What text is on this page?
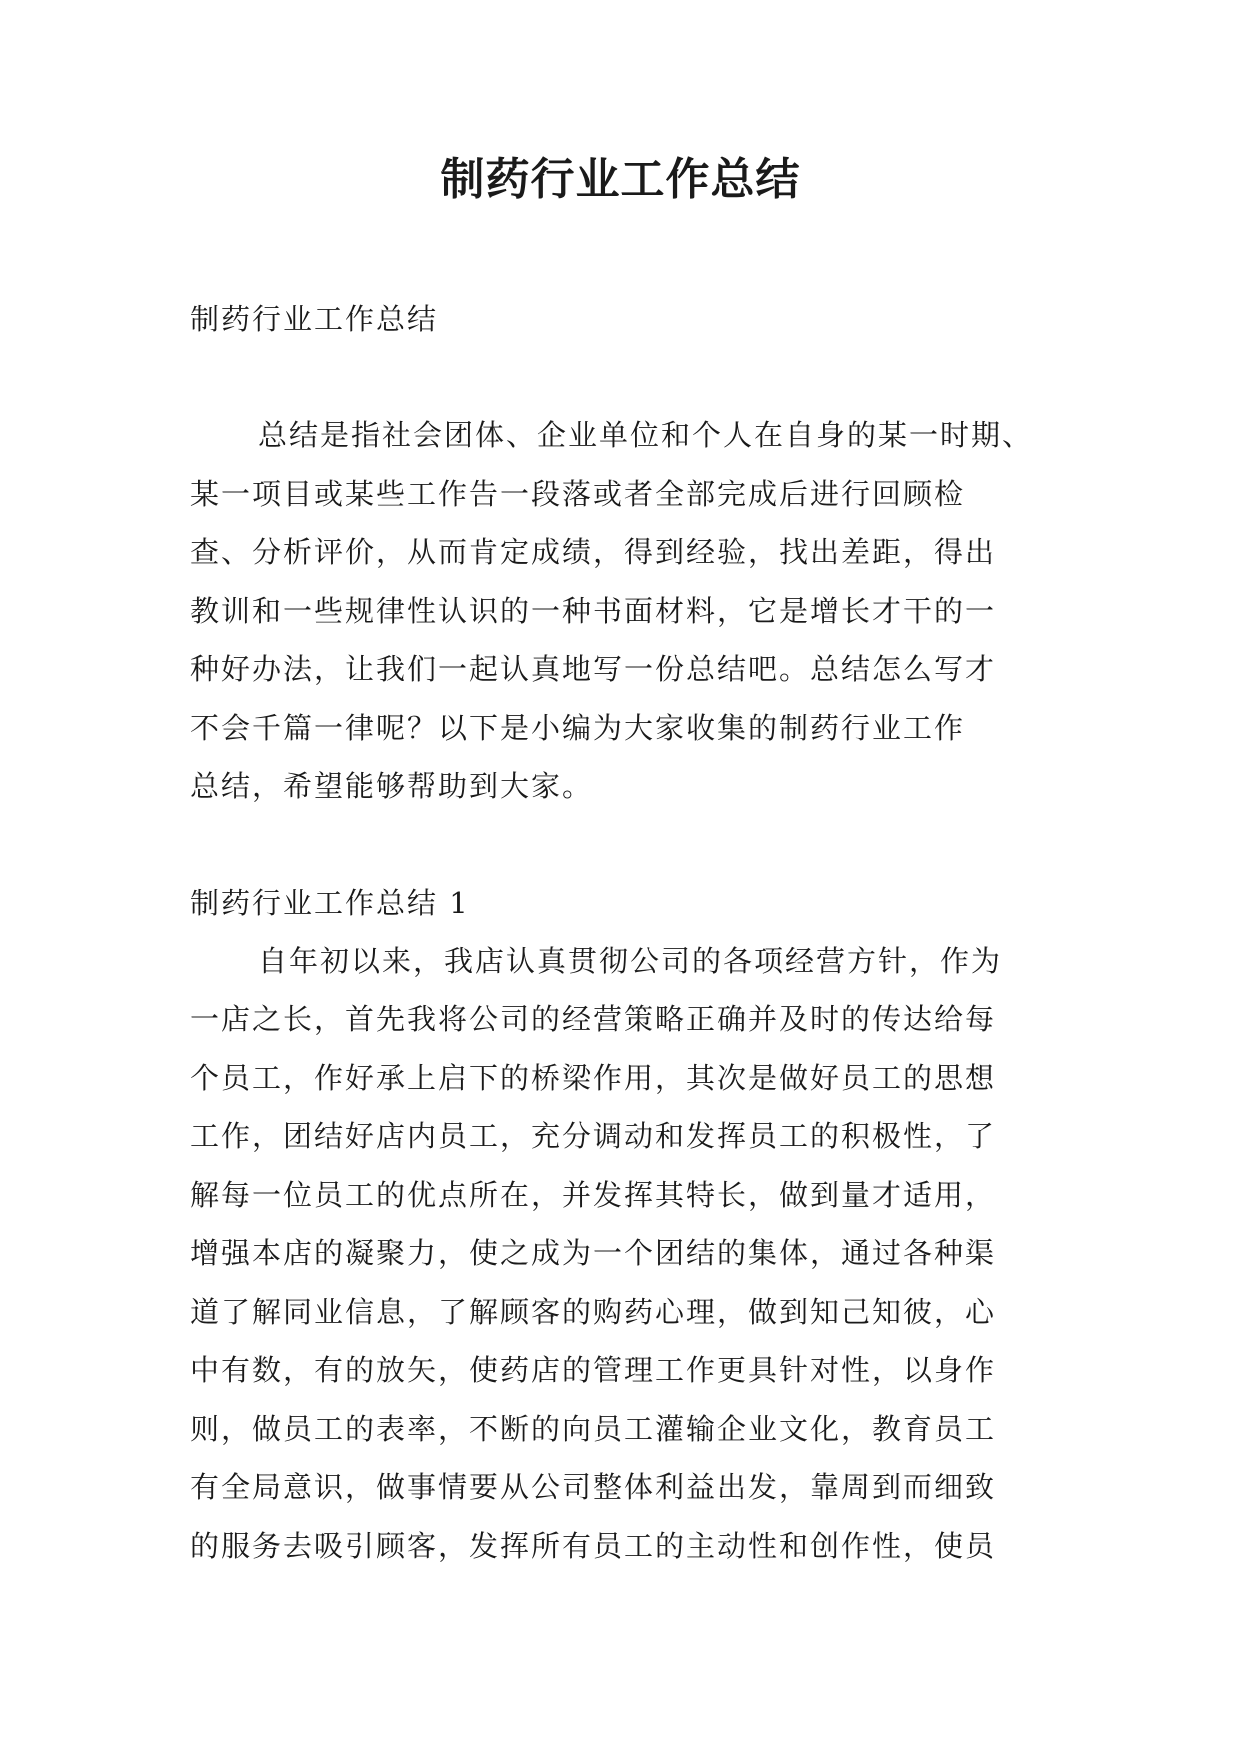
制药行业工作总结

制药行业工作总结

总结是指社会团体、企业单位和个人在自身的某一时期、
某一项目或某些工作告一段落或者全部完成后进行回顾检
查、分析评价，从而肯定成绩，得到经验，找出差距，得出
教训和一些规律性认识的一种书面材料，它是增长才干的一
种好办法，让我们一起认真地写一份总结吧。总结怎么写才
不会千篇一律呢？以下是小编为大家收集的制药行业工作
总结，希望能够帮助到大家。

制药行业工作总结 1

自年初以来，我店认真贯彻公司的各项经营方针，作为
一店之长，首先我将公司的经营策略正确并及时的传达给每
个员工，作好承上启下的桥梁作用，其次是做好员工的思想
工作，团结好店内员工，充分调动和发挥员工的积极性，了
解每一位员工的优点所在，并发挥其特长，做到量才适用，
增强本店的凝聚力，使之成为一个团结的集体，通过各种渠
道了解同业信息，了解顾客的购药心理，做到知己知彼，心
中有数，有的放矢，使药店的管理工作更具针对性，以身作
则，做员工的表率，不断的向员工灌输企业文化，教育员工
有全局意识，做事情要从公司整体利益出发，靠周到而细致
的服务去吸引顾客，发挥所有员工的主动性和创作性，使员
